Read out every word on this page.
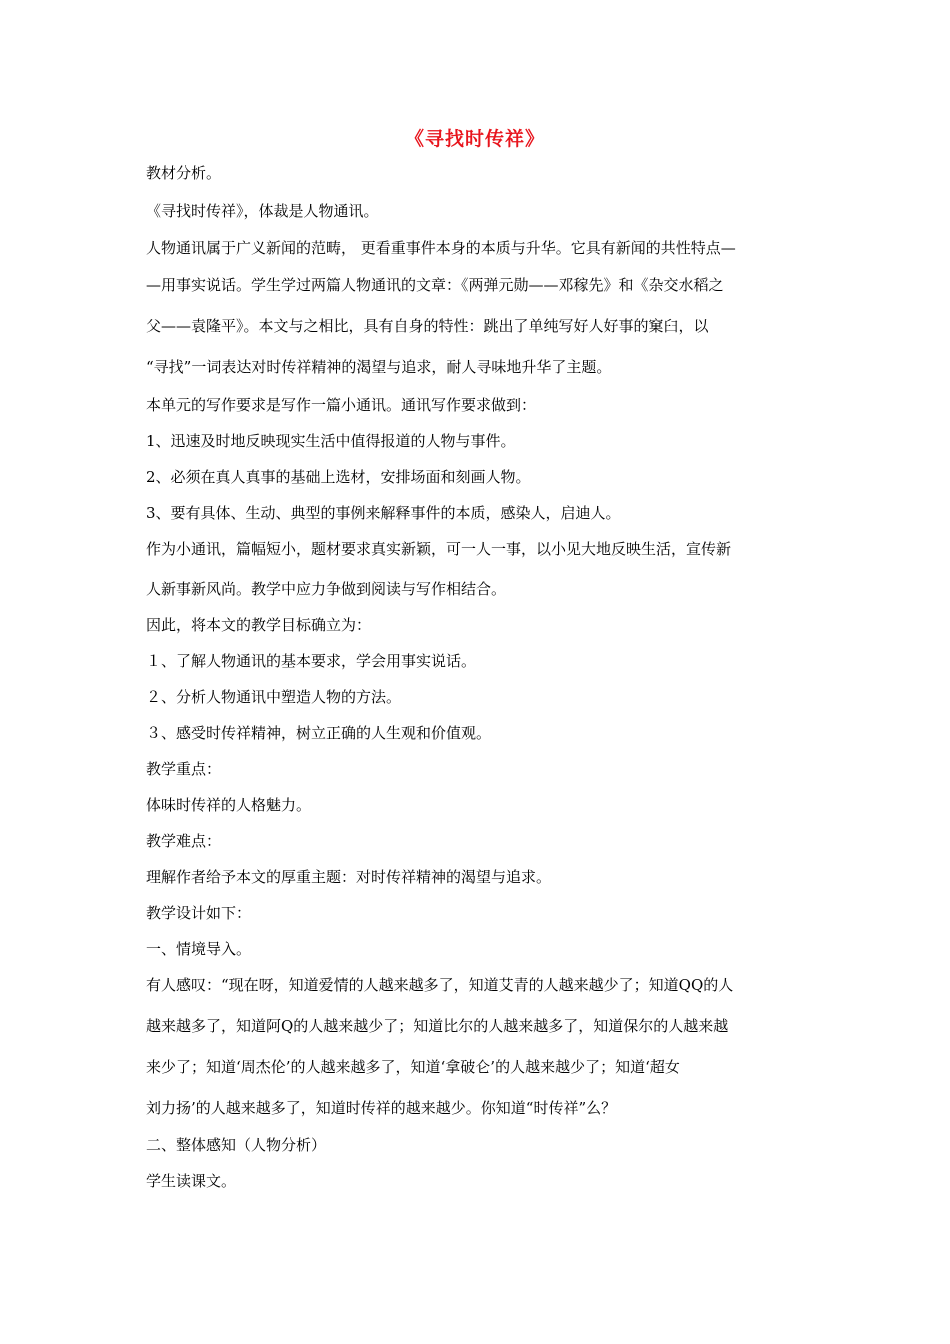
《寻找时传祥》
教材分析。
《寻找时传祥》，体裁是人物通讯。
人物通讯属于广义新闻的范畴， 更看重事件本身的本质与升华。它具有新闻的共性特点—
—用事实说话。学生学过两篇人物通讯的文章：《两弹元勋——邓稼先》和《杂交水稻之
父——袁隆平》。本文与之相比，具有自身的特性：跳出了单纯写好人好事的窠臼，以
“寻找”一词表达对时传祥精神的渴望与追求，耐人寻味地升华了主题。
本单元的写作要求是写作一篇小通讯。通讯写作要求做到：
1、迅速及时地反映现实生活中值得报道的人物与事件。
2、必须在真人真事的基础上选材，安排场面和刻画人物。
3、要有具体、生动、典型的事例来解释事件的本质，感染人，启迪人。
作为小通讯，篇幅短小，题材要求真实新颖，可一人一事，以小见大地反映生活，宣传新
人新事新风尚。教学中应力争做到阅读与写作相结合。
因此，将本文的教学目标确立为：
１、了解人物通讯的基本要求，学会用事实说话。
２、分析人物通讯中塑造人物的方法。
３、感受时传祥精神，树立正确的人生观和价值观。
教学重点：
体味时传祥的人格魅力。
教学难点：
理解作者给予本文的厚重主题：对时传祥精神的渴望与追求。
教学设计如下：
一、情境导入。
有人感叹：“现在呀，知道爱情的人越来越多了，知道艾青的人越来越少了；知道QQ的人
越来越多了，知道阿Q的人越来越少了；知道比尔的人越来越多了，知道保尔的人越来越
来少了；知道‘周杰伦’的人越来越多了，知道‘拿破仑’的人越来越少了；知道‘超女
刘力扬’的人越来越多了，知道时传祥的越来越少。你知道“时传祥”么？
二、整体感知（人物分析）
学生读课文。
